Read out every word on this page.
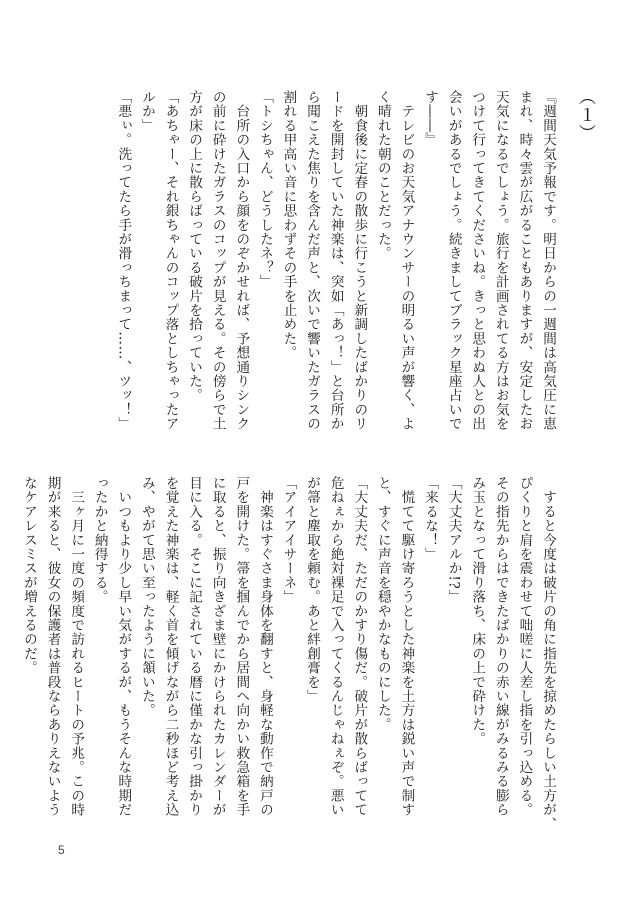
（１）

『週間天気予報です。明日からの一週間は高気圧に恵
まれ、時々雲が広がることもありますが、安定したお
天気になるでしょう。旅行を計画されてる方はお気を
つけて行ってきてくださいね。きっと思わぬ人との出
会いがあるでしょう。続きましてブラック星座占いで
す――』
　テレビのお天気アナウンサーの明るい声が響く、よ
く晴れた朝のことだった。
　朝食後に定春の散歩に行こうと新調したばかりのリ
ードを開封していた神楽は、突如「あっ！」と台所か
ら聞こえた焦りを含んだ声と、次いで響いたガラスの
割れる甲高い音に思わずその手を止めた。
「トシちゃん、どうしたネ？」
　台所の入口から顔をのぞかせれば、予想通りシンク
の前に砕けたガラスのコップが見える。その傍らで土
方が床の上に散らばっている破片を拾っていた。
「あちゃー、それ銀ちゃんのコップ落としちゃったア
ルか」
「悪ぃ。洗ってたら手が滑っちまって……、ツッ！」

　すると今度は破片の角に指先を掠めたらしい土方が、
ぴくりと肩を震わせて咄嗟に人差し指を引っ込める。
その指先からはできたばかりの赤い線がみるみる膨ら
み玉となって滑り落ち、床の上で砕けた。
「大丈夫アルか!?」
「来るな！」
　慌てて駆け寄ろうとした神楽を土方は鋭い声で制す
と、すぐに声音を穏やかなものにした。
「大丈夫だ、ただのかすり傷だ。破片が散らばってて
危ねぇから絶対裸足で入ってくるんじゃねぇぞ。悪い
が箒と塵取を頼む。あと絆創膏を」
「アイアイサーネ」
　神楽はすぐさま身体を翻すと、身軽な動作で納戸の
戸を開けた。箒を掴んでから居間へ向かい救急箱を手
に取ると、振り向きざま壁にかけられたカレンダーが
目に入る。そこに記されている暦に僅かな引っ掛かり
を覚えた神楽は、軽く首を傾げながら二秒ほど考え込
み、やがて思い至ったように頷いた。
　いつもより少し早い気がするが、もうそんな時期だ
ったかと納得する。
　三ヶ月に一度の頻度で訪れるヒートの予兆。この時
期が来ると、彼女の保護者は普段ならありえないよう
なケアレスミスが増えるのだ。

5
